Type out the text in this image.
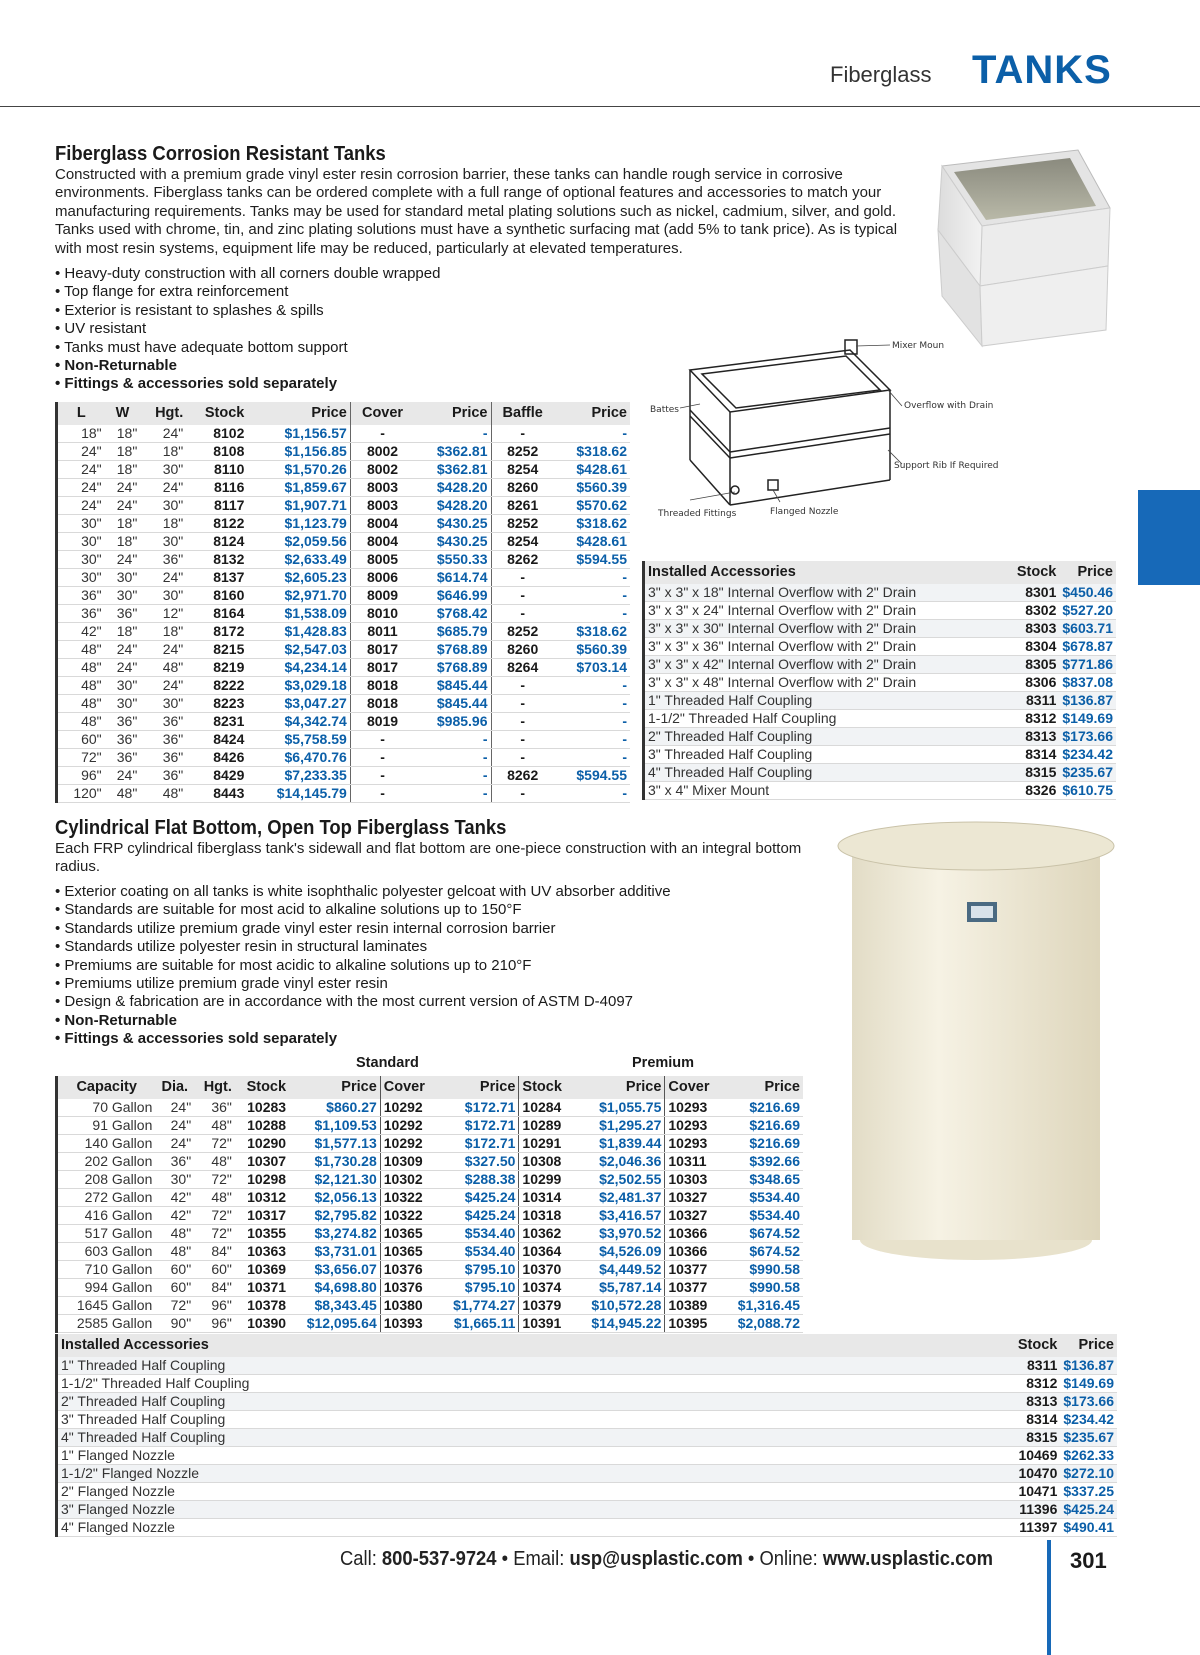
Fiberglass TANKS
Fiberglass Corrosion Resistant Tanks

Constructed with a premium grade vinyl ester resin corrosion barrier, these tanks can handle rough service in corrosive environments. Fiberglass tanks can be ordered complete with a full range of optional features and accessories to match your manufacturing requirements. Tanks may be used for standard metal plating solutions such as nickel, cadmium, silver, and gold. Tanks used with chrome, tin, and zinc plating solutions must have a synthetic surfacing mat (add 5% to tank price). As is typical with most resin systems, equipment life may be reduced, particularly at elevated temperatures.

• Heavy-duty construction with all corners double wrapped
• Top flange for extra reinforcement
• Exterior is resistant to splashes & spills
• UV resistant
• Tanks must have adequate bottom support
• Non-Returnable
• Fittings & accessories sold separately
Mixer Moun
Overflow with Drain
Battes
Support Rib If Required
Threaded Fittings	Flanged Nozzle
L	W	Hgt.	Stock	Price	Cover	Price	Baffle	Price
18"	18"	24"	8102	$1,156.57	-	-	-	-
24"	18"	18"	8108	$1,156.85	8002	$362.81	8252	$318.62
24"	18"	30"	8110	$1,570.26	8002	$362.81	8254	$428.61
24"	24"	24"	8116	$1,859.67	8003	$428.20	8260	$560.39
24"	24"	30"	8117	$1,907.71	8003	$428.20	8261	$570.62
30"	18"	18"	8122	$1,123.79	8004	$430.25	8252	$318.62
30"	18"	30"	8124	$2,059.56	8004	$430.25	8254	$428.61
30"	24"	36"	8132	$2,633.49	8005	$550.33	8262	$594.55
30"	30"	24"	8137	$2,605.23	8006	$614.74	-	-
36"	30"	30"	8160	$2,971.70	8009	$646.99	-	-
36"	36"	12"	8164	$1,538.09	8010	$768.42	-	-
42"	18"	18"	8172	$1,428.83	8011	$685.79	8252	$318.62
48"	24"	24"	8215	$2,547.03	8017	$768.89	8260	$560.39
48"	24"	48"	8219	$4,234.14	8017	$768.89	8264	$703.14
48"	30"	24"	8222	$3,029.18	8018	$845.44	-	-
48"	30"	30"	8223	$3,047.27	8018	$845.44	-	-
48"	36"	36"	8231	$4,342.74	8019	$985.96	-	-
60"	36"	36"	8424	$5,758.59	-	-	-	-
72"	36"	36"	8426	$6,470.76	-	-	-	-
96"	24"	36"	8429	$7,233.35	-	-	8262	$594.55
120"	48"	48"	8443	$14,145.79	-	-	-	-
Installed Accessories	Stock	Price
3" x 3" x 18" Internal Overflow with 2" Drain	8301	$450.46
3" x 3" x 24" Internal Overflow with 2" Drain	8302	$527.20
3" x 3" x 30" Internal Overflow with 2" Drain	8303	$603.71
3" x 3" x 36" Internal Overflow with 2" Drain	8304	$678.87
3" x 3" x 42" Internal Overflow with 2" Drain	8305	$771.86
3" x 3" x 48" Internal Overflow with 2" Drain	8306	$837.08
1" Threaded Half Coupling	8311	$136.87
1-1/2" Threaded Half Coupling	8312	$149.69
2" Threaded Half Coupling	8313	$173.66
3" Threaded Half Coupling	8314	$234.42
4" Threaded Half Coupling	8315	$235.67
3" x 4" Mixer Mount	8326	$610.75
Cylindrical Flat Bottom, Open Top Fiberglass Tanks

Each FRP cylindrical fiberglass tank's sidewall and flat bottom are one-piece construction with an integral bottom radius.

• Exterior coating on all tanks is white isophthalic polyester gelcoat with UV absorber additive
• Standards are suitable for most acid to alkaline solutions up to 150°F
• Standards utilize premium grade vinyl ester resin internal corrosion barrier
• Standards utilize polyester resin in structural laminates
• Premiums are suitable for most acidic to alkaline solutions up to 210°F
• Premiums utilize premium grade vinyl ester resin
• Design & fabrication are in accordance with the most current version of ASTM D-4097
• Non-Returnable
• Fittings & accessories sold separately
Standard	Premium
Capacity	Dia.	Hgt.	Stock	Price	Cover	Price	Stock	Price	Cover	Price
70 Gallon	24"	36"	10283	$860.27	10292	$172.71	10284	$1,055.75	10293	$216.69
91 Gallon	24"	48"	10288	$1,109.53	10292	$172.71	10289	$1,295.27	10293	$216.69
140 Gallon	24"	72"	10290	$1,577.13	10292	$172.71	10291	$1,839.44	10293	$216.69
202 Gallon	36"	48"	10307	$1,730.28	10309	$327.50	10308	$2,046.36	10311	$392.66
208 Gallon	30"	72"	10298	$2,121.30	10302	$288.38	10299	$2,502.55	10303	$348.65
272 Gallon	42"	48"	10312	$2,056.13	10322	$425.24	10314	$2,481.37	10327	$534.40
416 Gallon	42"	72"	10317	$2,795.82	10322	$425.24	10318	$3,416.57	10327	$534.40
517 Gallon	48"	72"	10355	$3,274.82	10365	$534.40	10362	$3,970.52	10366	$674.52
603 Gallon	48"	84"	10363	$3,731.01	10365	$534.40	10364	$4,526.09	10366	$674.52
710 Gallon	60"	60"	10369	$3,656.07	10376	$795.10	10370	$4,449.52	10377	$990.58
994 Gallon	60"	84"	10371	$4,698.80	10376	$795.10	10374	$5,787.14	10377	$990.58
1645 Gallon	72"	96"	10378	$8,343.45	10380	$1,774.27	10379	$10,572.28	10389	$1,316.45
2585 Gallon	90"	96"	10390	$12,095.64	10393	$1,665.11	10391	$14,945.22	10395	$2,088.72
Installed Accessories	Stock	Price
1" Threaded Half Coupling	8311	$136.87
1-1/2" Threaded Half Coupling	8312	$149.69
2" Threaded Half Coupling	8313	$173.66
3" Threaded Half Coupling	8314	$234.42
4" Threaded Half Coupling	8315	$235.67
1" Flanged Nozzle	10469	$262.33
1-1/2" Flanged Nozzle	10470	$272.10
2" Flanged Nozzle	10471	$337.25
3" Flanged Nozzle	11396	$425.24
4" Flanged Nozzle	11397	$490.41
Call: 800-537-9724 • Email: usp@usplastic.com • Online: www.usplastic.com	301
